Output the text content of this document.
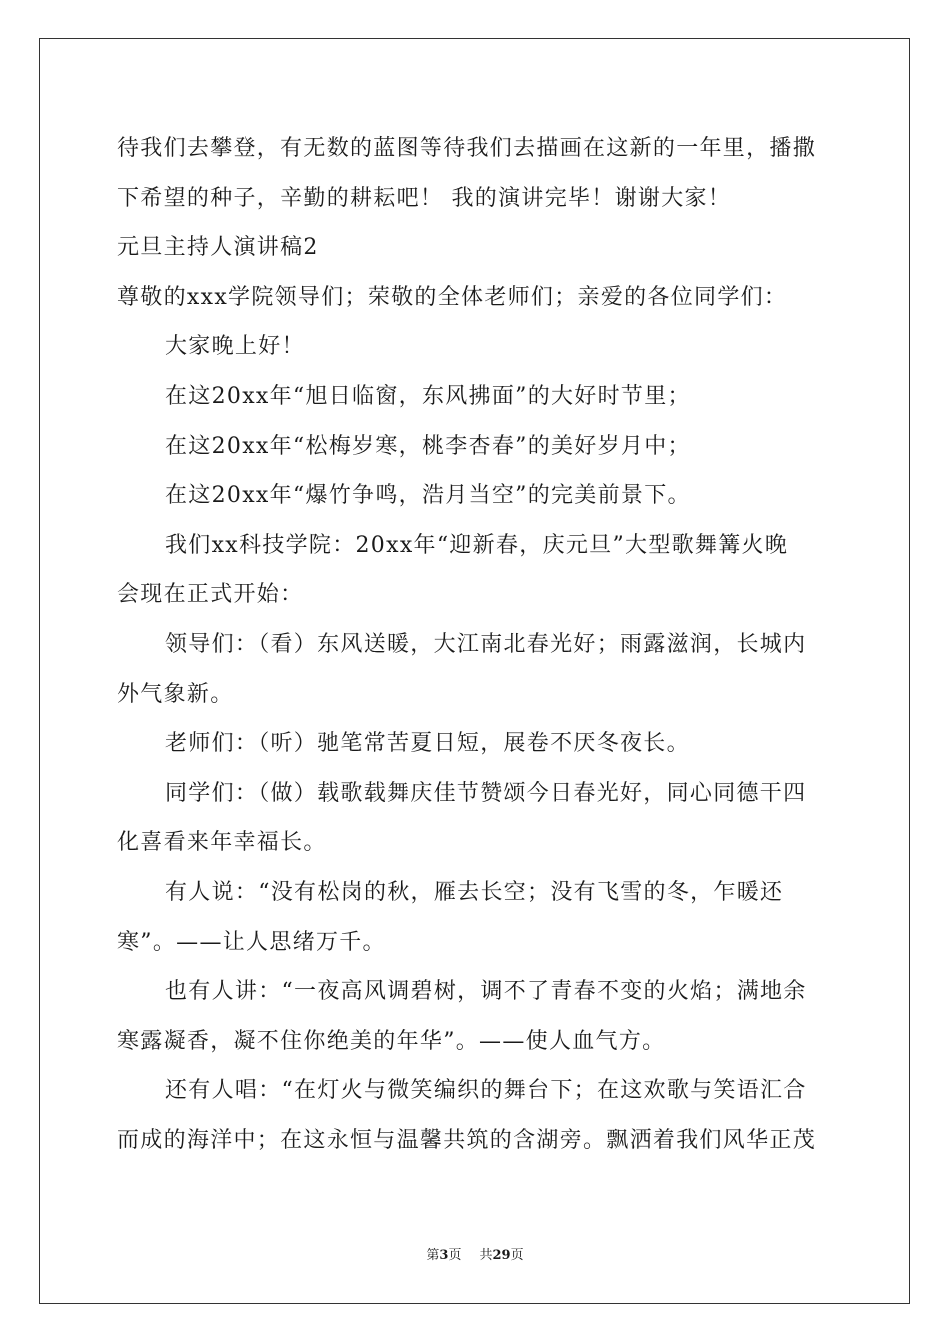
待我们去攀登，有无数的蓝图等待我们去描画在这新的一年里，播撒
下希望的种子，辛勤的耕耘吧！ 我的演讲完毕！谢谢大家！
元旦主持人演讲稿2
尊敬的xxx学院领导们；荣敬的全体老师们；亲爱的各位同学们：
大家晚上好！
在这20xx年“旭日临窗，东风拂面”的大好时节里；
在这20xx年“松梅岁寒，桃李杏春”的美好岁月中；
在这20xx年“爆竹争鸣，浩月当空”的完美前景下。
我们xx科技学院：20xx年“迎新春，庆元旦”大型歌舞篝火晚
会现在正式开始：
领导们：（看）东风送暖，大江南北春光好；雨露滋润，长城内
外气象新。
老师们：（听）驰笔常苦夏日短，展卷不厌冬夜长。
同学们：（做）载歌载舞庆佳节赞颂今日春光好，同心同德干四
化喜看来年幸福长。
有人说：“没有松岗的秋，雁去长空；没有飞雪的冬，乍暖还
寒”。——让人思绪万千。
也有人讲：“一夜高风调碧树，调不了青春不变的火焰；满地余
寒露凝香，凝不住你绝美的年华”。——使人血气方。
还有人唱：“在灯火与微笑编织的舞台下；在这欢歌与笑语汇合
而成的海洋中；在这永恒与温馨共筑的含湖旁。飘洒着我们风华正茂
第3页 共29页
